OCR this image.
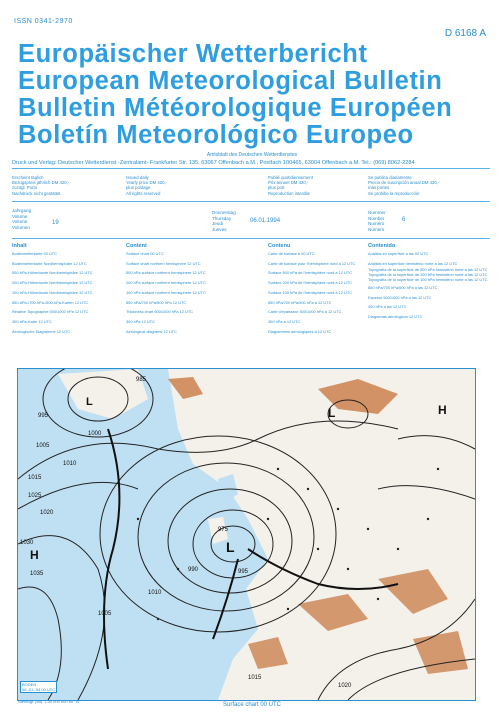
ISSN 0341-2970
D 6168 A
Europäischer Wetterbericht
European Meteorological Bulletin
Bulletin Météorologique Européen
Boletín Meteorológico Europeo
Amtsblatt des Deutschen Wetterdienstes
Druck und Verlag: Deutscher Wetterdienst -Zentralamt- Frankfurter Str. 135, 63067 Offenbach a.M., Postfach 100465, 63004 Offenbach a.M. Tel.: (069) 8062-2284
Erscheint täglich
Bezugspreis jährlich DM 420,-
zuzügl. Porto
Nachdruck nicht gestattet
Issued daily
Yearly price DM 420,-
plus postage
All rights reserved
Publié quotidiennement
Prix annuel DM 420,-
plus port
Reproduction interdite
Se publica diariamente
Precio de suscripción anual DM 420,-
más portes
Se prohibe la reproducción
Jahrgang
Volume
Volume
Volumen
19
Donnerstag
Thursday
Jeudi
Jueves
06.01.1994
Nummer
Number
Numéro
Número
6
Inhalt
Bodenwetterkarte 00 UTC
Bodenwetterkarte Nordhemisphäre 12 UTC
500-hPa-Höhenkarte Nordhemisphäre 12 UTC
200-hPa-Höhenkarte Nordhemisphäre 12 UTC
100-hPa-Höhenkarte Nordhemisphäre 12 UTC
850-hPa-/700-hPa-/500-hPa-Karten 12 UTC
Relative Topographie 500/1000 hPa 12 UTC
300-hPa-Karte 12 UTC
Aerologische Diagramme 12 UTC
Content
Surface chart 00 UTC
Surface chart northern hemisphere 12 UTC
500 hPa surface northern hemisphere 12 UTC
200 hPa surface northern hemisphere 12 UTC
100 hPa surface northern hemisphere 12 UTC
850 hPa/700 hPa/500 hPa 12 UTC
Thickness chart 500/1000 hPa 12 UTC
300 hPa 12 UTC
Aerological diagrams 12 UTC
Contenu
Carte de surface à 00 UTC
Carte de surface pour l'hémisphère nord à 12 UTC
Surface 500 hPa de l'hémisphère nord à 12 UTC
Surface 200 hPa de l'hémisphère nord à 12 UTC
Surface 100 hPa de l'hémisphère nord à 12 UTC
850 hPa/700 hPa/500 hPa à 12 UTC
Carte d'épaisseur 500/1000 hPa à 12 UTC
300 hPa à 12 UTC
Diagrammes aérologiques à 12 UTC
Contenido
Análisis en superficie a las 00 UTC
Análisis en superficie hemisferio norte a las 12 UTC
Topografía de la superficie de 500 hPa hemisferio norte a las 12 UTC
Topografía de la superficie de 200 hPa hemisferio norte a las 12 UTC
Topografía de la superficie de 100 hPa hemisferio norte a las 12 UTC
850 hPa/700 hPa/500 hPa a las 12 UTC
Espesor 500/1000 hPa a las 12 UTC
300 hPa a las 12 UTC
Diagramas aerológicos 12 UTC
L
L
H
H
L
985
995
1000
1005
1010
1015
1020
1025
1030
1035
975
990	995
1005
1015
1020
1010
BODEN
06.-01.-94 00 UTC
Stereogr. proj. 1:30 000 000 60° N
Surface chart 00 UTC
